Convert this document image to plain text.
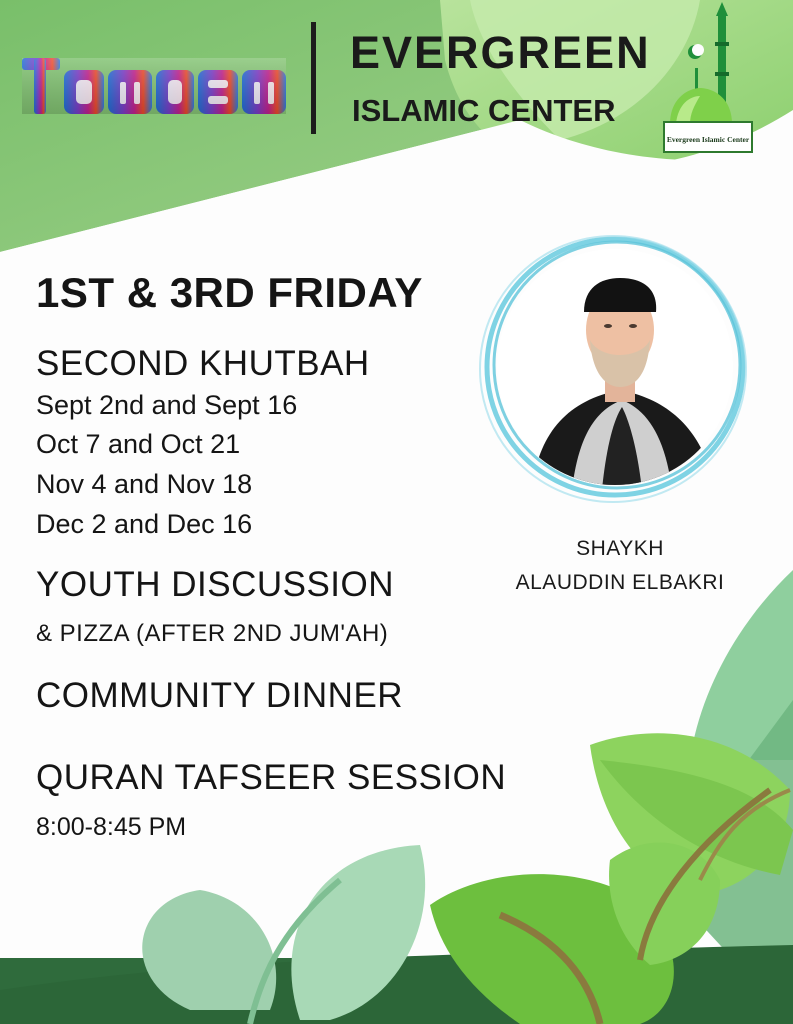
TAWASAW
EVERGREEN
ISLAMIC CENTER
Evergreen Islamic Center
1ST & 3RD FRIDAY
SECOND KHUTBAH
Sept 2nd and Sept 16
Oct 7 and Oct 21
Nov 4 and Nov 18
Dec 2 and Dec 16
YOUTH DISCUSSION
& PIZZA (AFTER 2ND JUM'AH)
COMMUNITY DINNER
QURAN TAFSEER SESSION
8:00-8:45 PM
SHAYKH
ALAUDDIN ELBAKRI
